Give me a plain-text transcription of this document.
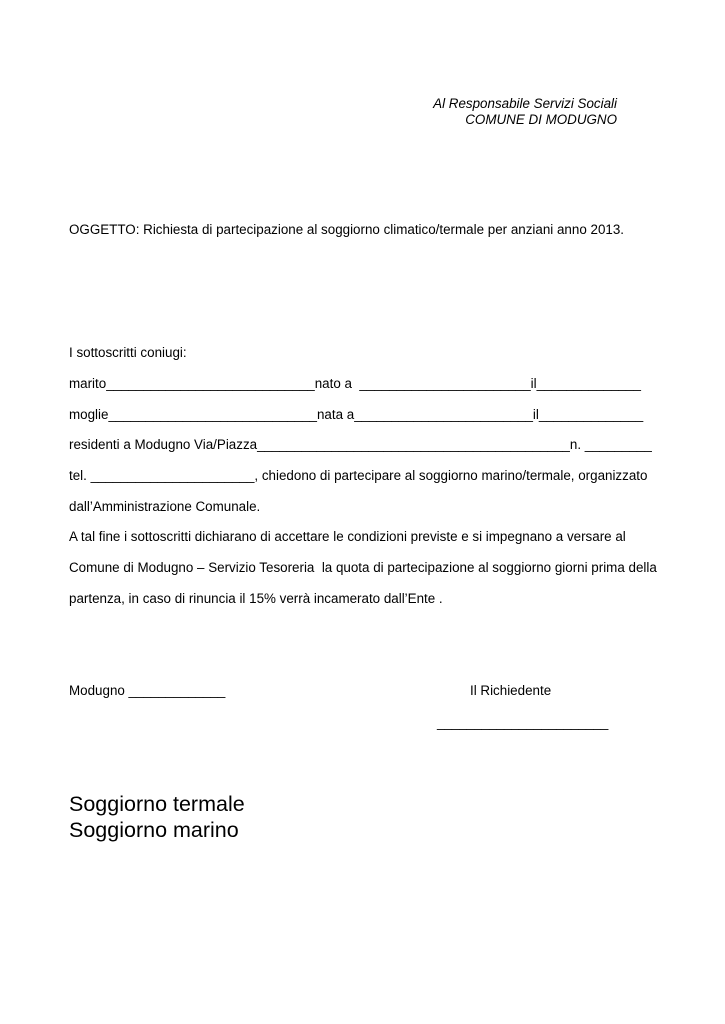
Al Responsabile Servizi Sociali
COMUNE DI MODUGNO
OGGETTO: Richiesta di partecipazione al soggiorno climatico/termale per anziani anno 2013.
I sottoscritti coniugi:
marito____________________________nato a  _______________________il______________
moglie____________________________nata a________________________il______________
residenti a Modugno Via/Piazza__________________________________________n. _________
tel. ______________________, chiedono di partecipare al soggiorno marino/termale, organizzato
dall’Amministrazione Comunale.
A tal fine i sottoscritti dichiarano di accettare le condizioni previste e si impegnano a versare al
Comune di Modugno – Servizio Tesoreria  la quota di partecipazione al soggiorno giorni prima della
partenza, in caso di rinuncia il 15% verrà incamerato dall’Ente .
Modugno _____________	Il Richiedente
_______________________
Soggiorno termale
Soggiorno marino
